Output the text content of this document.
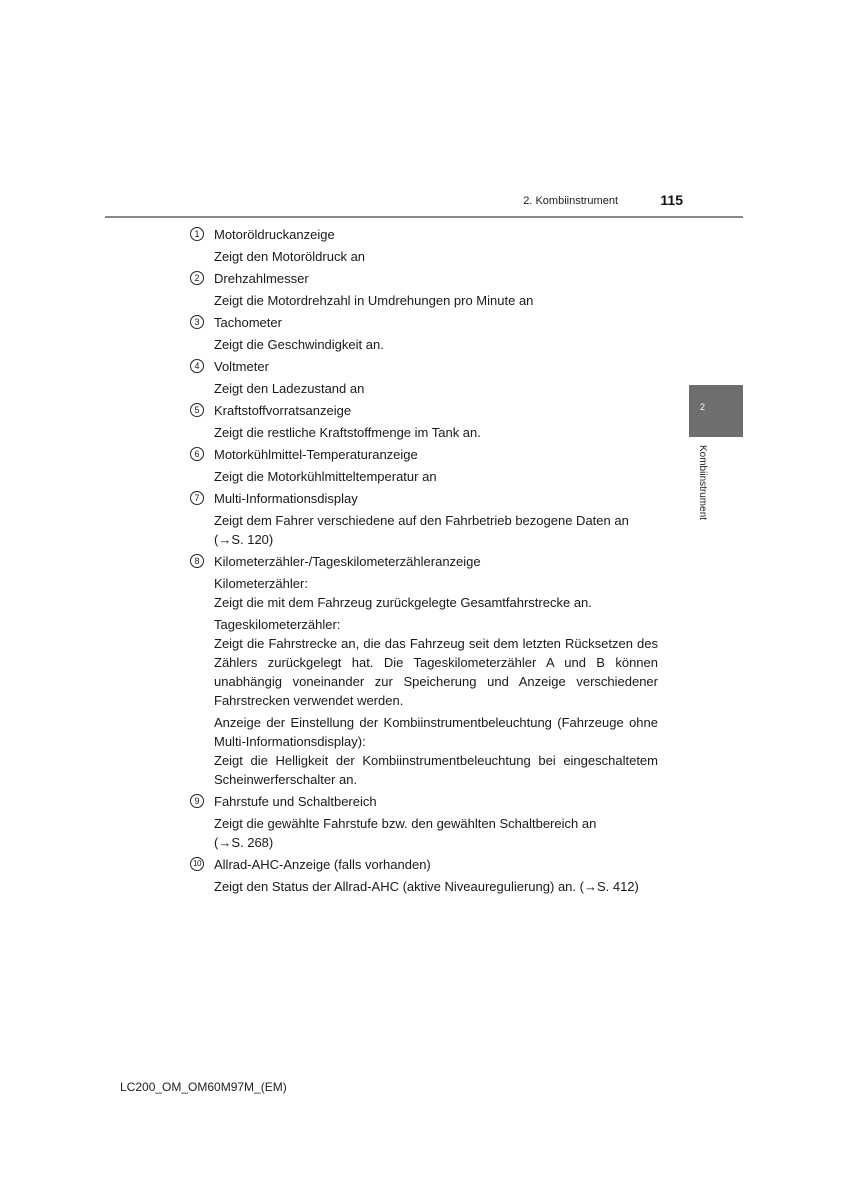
2. Kombiinstrument	115
2
Kombiinstrument
1	Motoröldruckanzeige
Zeigt den Motoröldruck an
2	Drehzahlmesser
Zeigt die Motordrehzahl in Umdrehungen pro Minute an
3	Tachometer
Zeigt die Geschwindigkeit an.
4	Voltmeter
Zeigt den Ladezustand an
5	Kraftstoffvorratsanzeige
Zeigt die restliche Kraftstoffmenge im Tank an.
6	Motorkühlmittel-Temperaturanzeige
Zeigt die Motorkühlmitteltemperatur an
7	Multi-Informationsdisplay
Zeigt dem Fahrer verschiedene auf den Fahrbetrieb bezogene Daten an
(→S. 120)
8	Kilometerzähler-/Tageskilometerzähleranzeige
Kilometerzähler:
Zeigt die mit dem Fahrzeug zurückgelegte Gesamtfahrstrecke an.
Tageskilometerzähler:
Zeigt die Fahrstrecke an, die das Fahrzeug seit dem letzten Rücksetzen des Zählers zurückgelegt hat. Die Tageskilometerzähler A und B können unabhängig voneinander zur Speicherung und Anzeige verschiedener Fahrstrecken verwendet werden.
Anzeige der Einstellung der Kombiinstrumentbeleuchtung (Fahrzeuge ohne Multi-Informationsdisplay):
Zeigt die Helligkeit der Kombiinstrumentbeleuchtung bei eingeschaltetem Scheinwerferschalter an.
9	Fahrstufe und Schaltbereich
Zeigt die gewählte Fahrstufe bzw. den gewählten Schaltbereich an
(→S. 268)
10 Allrad-AHC-Anzeige (falls vorhanden)
Zeigt den Status der Allrad-AHC (aktive Niveauregulierung) an. (→S. 412)
LC200_OM_OM60M97M_(EM)
